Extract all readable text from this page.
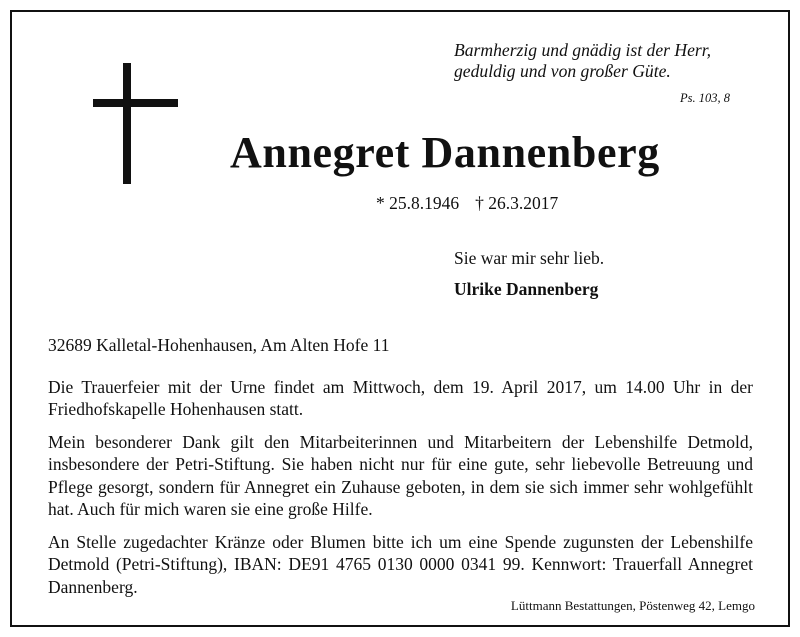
Barmherzig und gnädig ist der Herr,
geduldig und von großer Güte.
Ps. 103, 8
Annegret Dannenberg
* 25.8.1946 † 26.3.2017
Sie war mir sehr lieb.
Ulrike Dannenberg
32689 Kalletal-Hohenhausen, Am Alten Hofe 11
Die Trauerfeier mit der Urne findet am Mittwoch, dem 19. April 2017, um 14.00 Uhr in der Friedhofskapelle Hohenhausen statt.
Mein besonderer Dank gilt den Mitarbeiterinnen und Mitarbeitern der Lebenshilfe Detmold, insbesondere der Petri-Stiftung. Sie haben nicht nur für eine gute, sehr liebevolle Betreuung und Pflege gesorgt, sondern für Annegret ein Zuhause geboten, in dem sie sich immer sehr wohlgefühlt hat. Auch für mich waren sie eine große Hilfe.
An Stelle zugedachter Kränze oder Blumen bitte ich um eine Spende zugunsten der Lebenshilfe Detmold (Petri-Stiftung), IBAN: DE91 4765 0130 0000 0341 99. Kennwort: Trauerfall Annegret Dannenberg.
Lüttmann Bestattungen, Pöstenweg 42, Lemgo
